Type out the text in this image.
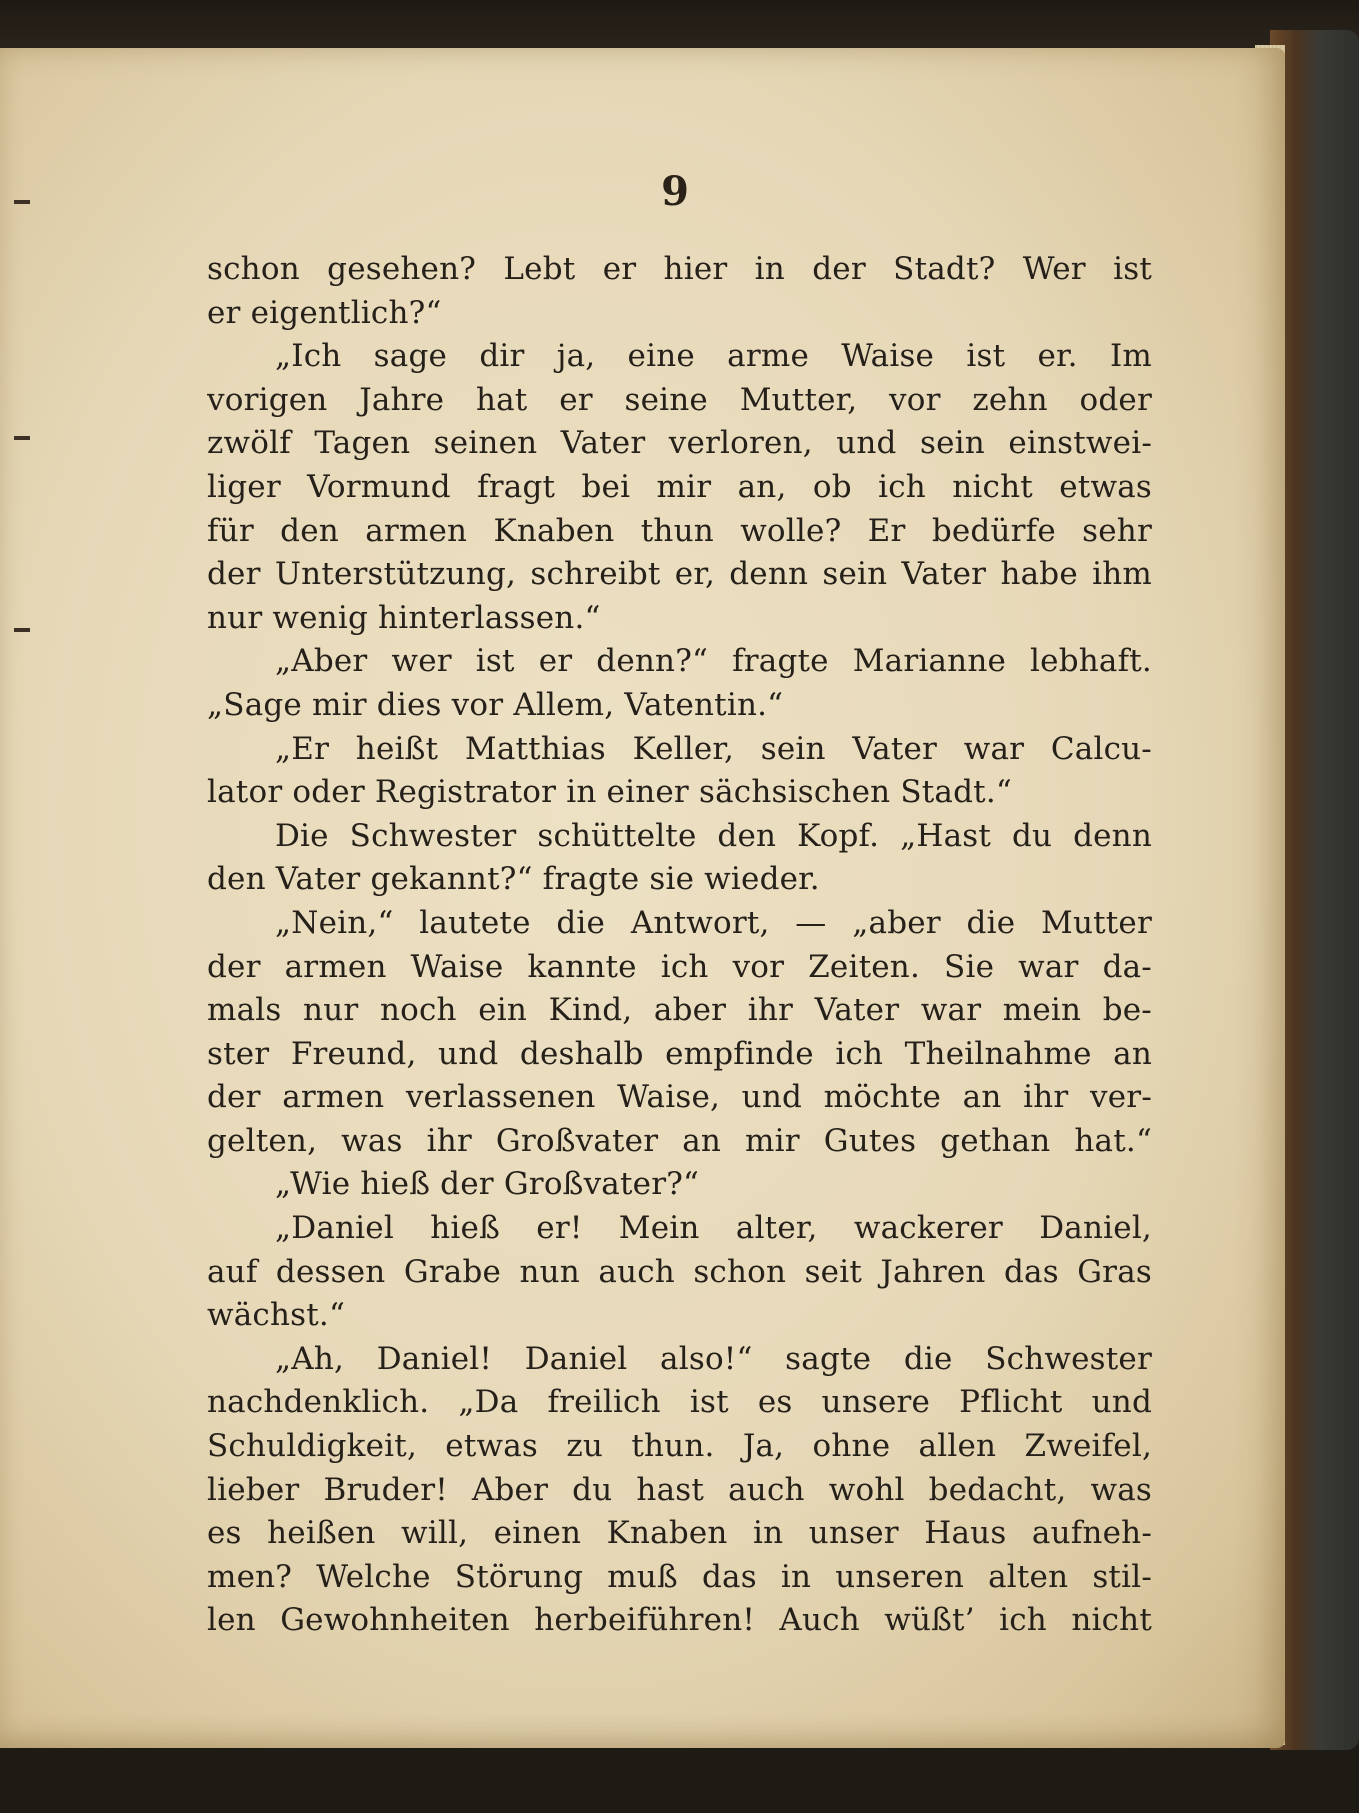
9
schon gesehen? Lebt er hier in der Stadt? Wer ist
er eigentlich?“
„Ich sage dir ja, eine arme Waise ist er. Im
vorigen Jahre hat er seine Mutter, vor zehn oder
zwölf Tagen seinen Vater verloren, und sein einstwei-
liger Vormund fragt bei mir an, ob ich nicht etwas
für den armen Knaben thun wolle? Er bedürfe sehr
der Unterstützung, schreibt er, denn sein Vater habe ihm
nur wenig hinterlassen.“
„Aber wer ist er denn?“ fragte Marianne lebhaft.
„Sage mir dies vor Allem, Vatentin.“
„Er heißt Matthias Keller, sein Vater war Calcu-
lator oder Registrator in einer sächsischen Stadt.“
Die Schwester schüttelte den Kopf. „Hast du denn
den Vater gekannt?“ fragte sie wieder.
„Nein,“ lautete die Antwort, — „aber die Mutter
der armen Waise kannte ich vor Zeiten. Sie war da-
mals nur noch ein Kind, aber ihr Vater war mein be-
ster Freund, und deshalb empfinde ich Theilnahme an
der armen verlassenen Waise, und möchte an ihr ver-
gelten, was ihr Großvater an mir Gutes gethan hat.“
„Wie hieß der Großvater?“
„Daniel hieß er! Mein alter, wackerer Daniel,
auf dessen Grabe nun auch schon seit Jahren das Gras
wächst.“
„Ah, Daniel! Daniel also!“ sagte die Schwester
nachdenklich. „Da freilich ist es unsere Pflicht und
Schuldigkeit, etwas zu thun. Ja, ohne allen Zweifel,
lieber Bruder! Aber du hast auch wohl bedacht, was
es heißen will, einen Knaben in unser Haus aufneh-
men? Welche Störung muß das in unseren alten stil-
len Gewohnheiten herbeiführen! Auch wüßt’ ich nicht
